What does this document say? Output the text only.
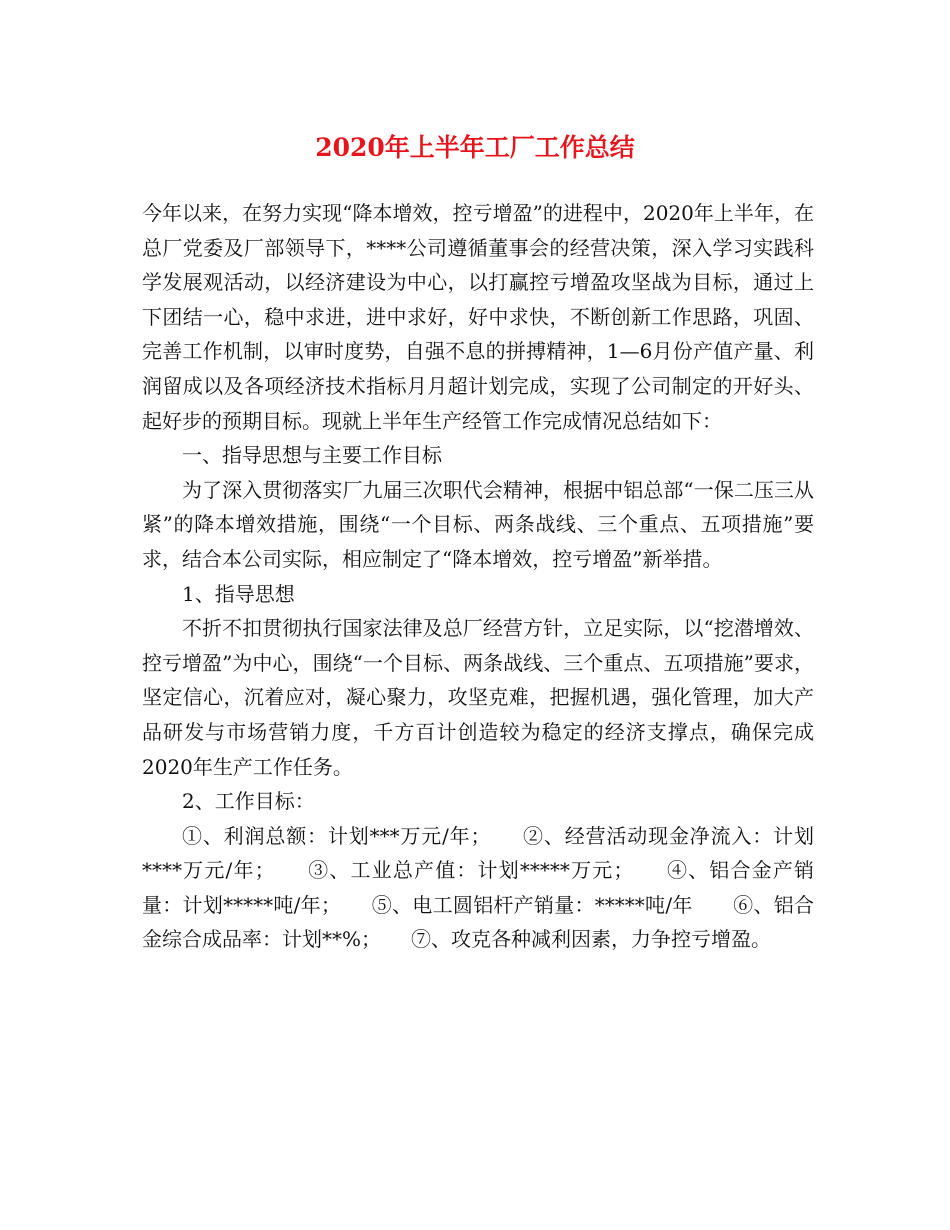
2020年上半年工厂工作总结

今年以来，在努力实现“降本增效，控亏增盈”的进程中，2020年上半年，在总厂党委及厂部领导下，****公司遵循董事会的经营决策，深入学习实践科学发展观活动，以经济建设为中心，以打赢控亏增盈攻坚战为目标，通过上下团结一心，稳中求进，进中求好，好中求快，不断创新工作思路，巩固、完善工作机制，以审时度势，自强不息的拼搏精神，1—6月份产值产量、利润留成以及各项经济技术指标月月超计划完成，实现了公司制定的开好头、起好步的预期目标。现就上半年生产经管工作完成情况总结如下：

一、指导思想与主要工作目标

为了深入贯彻落实厂九届三次职代会精神，根据中铝总部“一保二压三从紧”的降本增效措施，围绕“一个目标、两条战线、三个重点、五项措施”要求，结合本公司实际，相应制定了“降本增效，控亏增盈”新举措。

1、指导思想

不折不扣贯彻执行国家法律及总厂经营方针，立足实际，以“挖潜增效、控亏增盈”为中心，围绕“一个目标、两条战线、三个重点、五项措施”要求，坚定信心，沉着应对，凝心聚力，攻坚克难，把握机遇，强化管理，加大产品研发与市场营销力度，千方百计创造较为稳定的经济支撑点，确保完成2020年生产工作任务。

2、工作目标：

①、利润总额：计划***万元/年；　　②、经营活动现金净流入：计划****万元/年；　　③、工业总产值：计划*****万元；　　④、铝合金产销量：计划*****吨/年；　　⑤、电工圆铝杆产销量：*****吨/年　　⑥、铝合金综合成品率：计划**%；　　⑦、攻克各种减利因素，力争控亏增盈。
